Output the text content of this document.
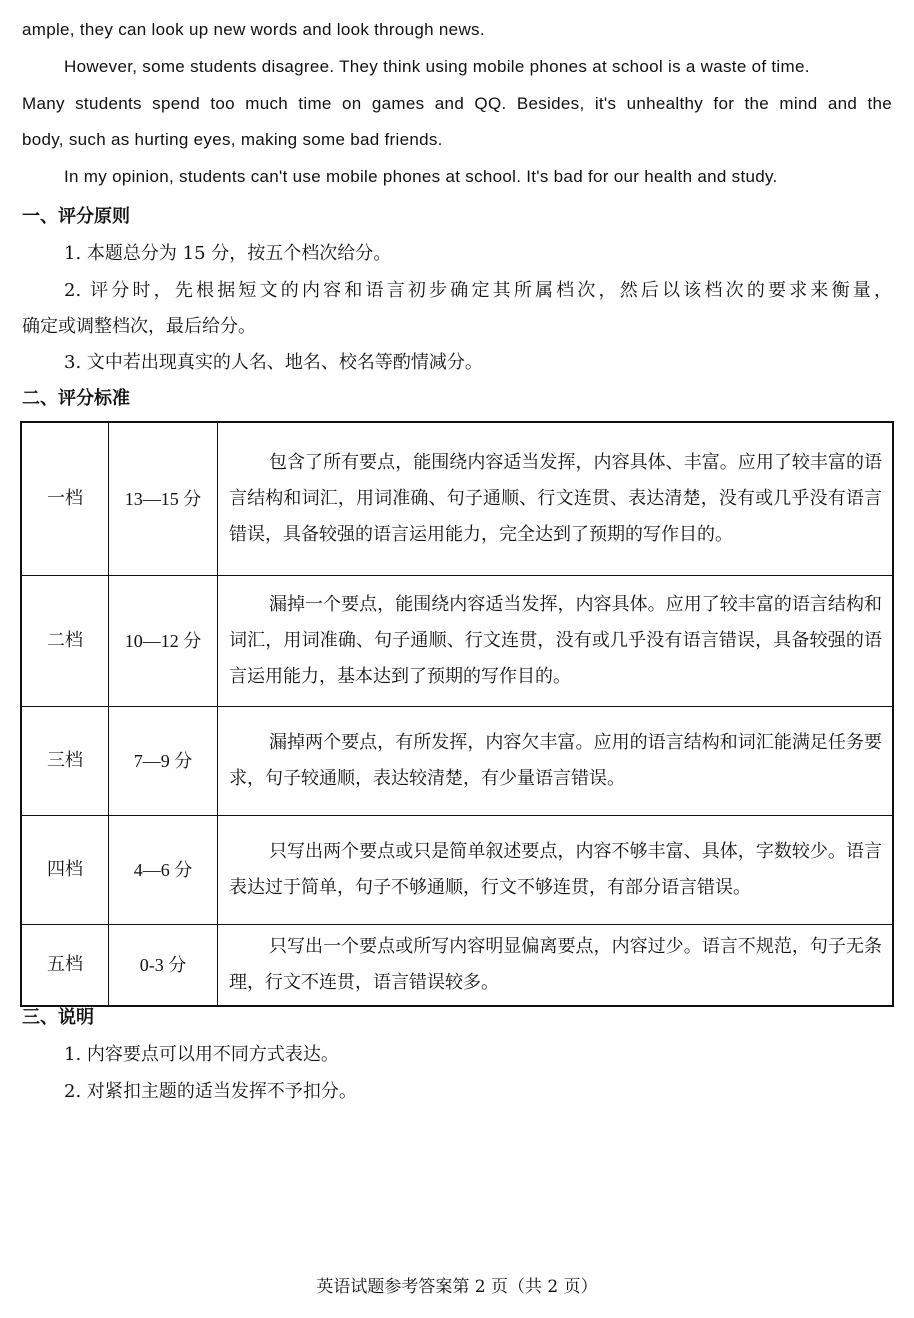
ample, they can look up new words and look through news.
However, some students disagree. They think using mobile phones at school is a waste of time.
Many students spend too much time on games and QQ. Besides, it's unhealthy for the mind and the
body, such as hurting eyes, making some bad friends.
In my opinion, students can't use mobile phones at school. It's bad for our health and study.
一、评分原则
1. 本题总分为 15 分，按五个档次给分。
2. 评分时，先根据短文的内容和语言初步确定其所属档次，然后以该档次的要求来衡量，
确定或调整档次，最后给分。
3. 文中若出现真实的人名、地名、校名等酌情减分。
二、评分标准
一档	13—15 分	包含了所有要点，能围绕内容适当发挥，内容具体、丰富。应用了较丰富的语言结构和词汇，用词准确、句子通顺、行文连贯、表达清楚，没有或几乎没有语言错误，具备较强的语言运用能力，完全达到了预期的写作目的。
二档	10—12 分	漏掉一个要点，能围绕内容适当发挥，内容具体。应用了较丰富的语言结构和词汇，用词准确、句子通顺、行文连贯，没有或几乎没有语言错误，具备较强的语言运用能力，基本达到了预期的写作目的。
三档	7—9 分	漏掉两个要点，有所发挥，内容欠丰富。应用的语言结构和词汇能满足任务要求，句子较通顺，表达较清楚，有少量语言错误。
四档	4—6 分	只写出两个要点或只是简单叙述要点，内容不够丰富、具体，字数较少。语言表达过于简单，句子不够通顺，行文不够连贯，有部分语言错误。
五档	0-3 分	只写出一个要点或所写内容明显偏离要点，内容过少。语言不规范，句子无条理，行文不连贯，语言错误较多。
三、说明
1. 内容要点可以用不同方式表达。
2. 对紧扣主题的适当发挥不予扣分。
英语试题参考答案第 2 页（共 2 页）
